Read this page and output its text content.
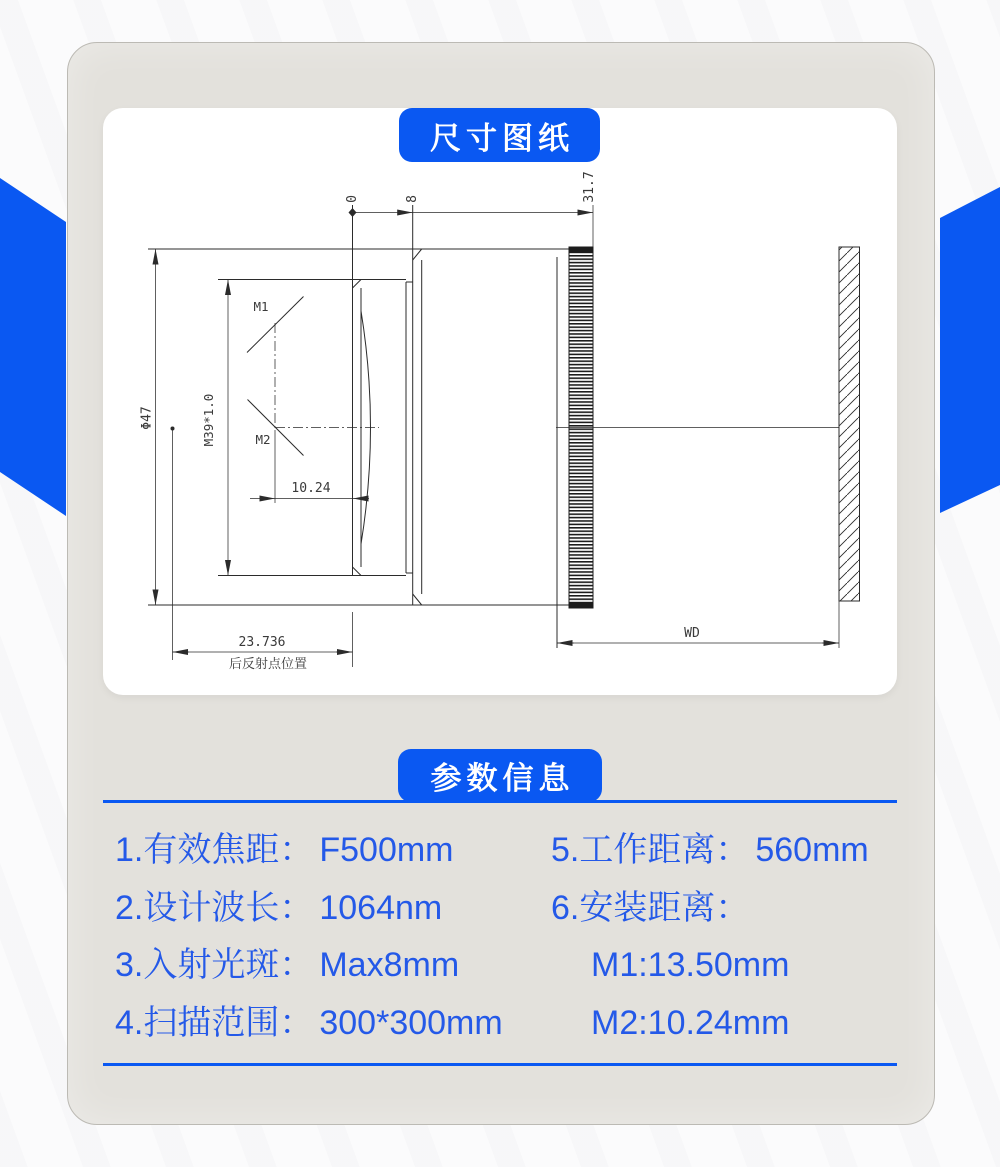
尺寸图纸
M1
M2
Φ47	M39*1.0
0	8	31.7
10.24
23.736
后反射点位置
WD
参数信息
1.有效焦距： F500mm
2.设计波长： 1064nm
3.入射光斑： Max8mm
4.扫描范围： 300*300mm
5.工作距离： 560mm
6.安装距离：
M1:13.50mm
M2:10.24mm
